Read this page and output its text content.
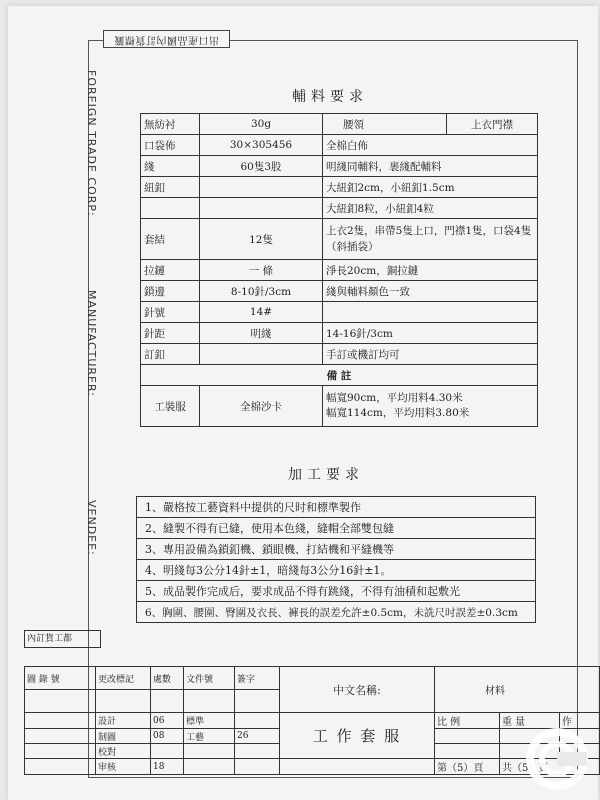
出口產品國內訂貨標籤
FOREIGN TRADE CORP:
MANUFACTURER:
VENDEE:
輔料要求
無紡衬	30g	腰領	上衣門襟
口袋佈	30×305456	全棉白佈	
綫	60隻3股	明綫同輔料，裹綫配輔料	
紐釦		大紐釦2cm，小紐釦1.5cm	
		大紐釦8粒，小紐釦4粒	
套結	12隻	上衣2隻，串帶5隻上口，門襟1隻，口袋4隻（斜插袋）	
拉鏈	一 條	淨長20cm，銅拉鏈	
鎖邊	8-10針/3cm	綫與輔料顏色一致	
針號	14#		
針距	明綫	14-16針/3cm	
訂釦		手訂或機訂均可	
備 註			
工裝服	全棉沙卡	幅寬90cm，平均用料4.30米
幅寬114cm，平均用料3.80米	
加工要求
1、嚴格按工藝資料中提供的尺时和標準製作
2、縫製不得有已縫，使用本色綫，縫帽全部雙包縫
3、專用設備為鎖釦機、鎖眼機、打結機和平縫機等
4、明綫每3公分14針±1，暗綫每3公分16針±1。
5、成品製作完成后，要求成品不得有跳綫，不得有油積和起敷光
6、胸圍、腰圍、臀圍及衣長、褲長的誤差允許±0.5cm，未詵尺吋誤差±0.3cm
內訂貨工都
圖 錄 號	更改標記	處數	文件號	簽字	中文名稱:	材料		

	設計	06	標準		工 作 套 服	比 例	重 量	作
	制圖	08	工藝	26				
	校對							
	审核	18				第（5）頁	共（5）頁	
